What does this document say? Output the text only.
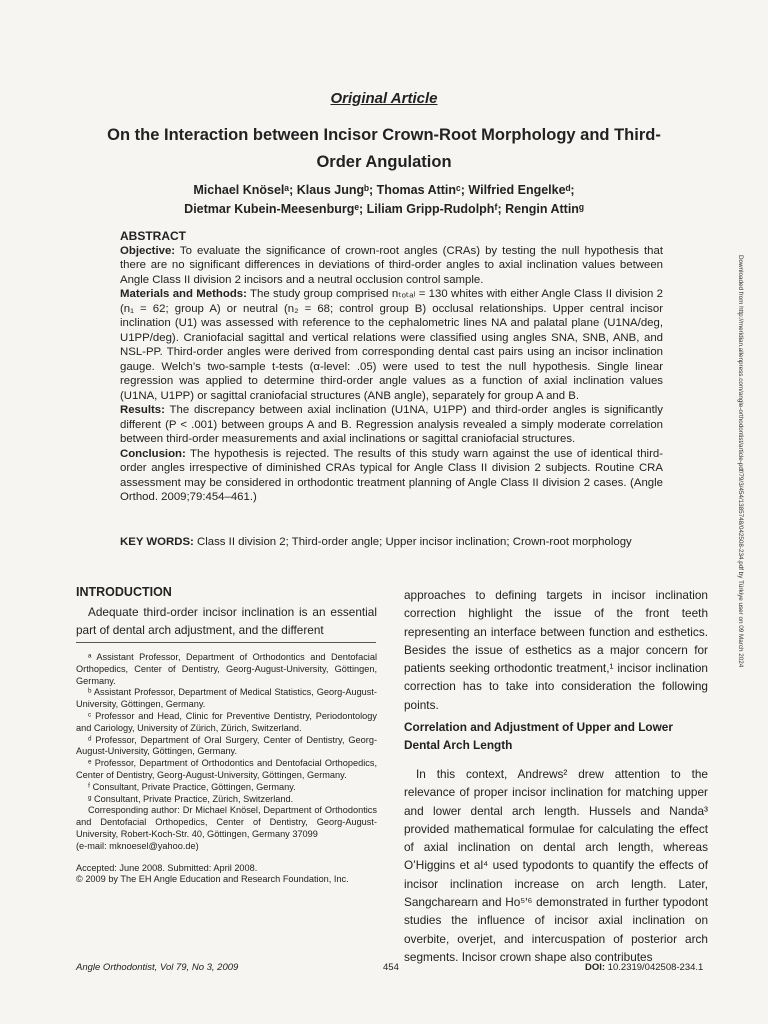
Original Article
On the Interaction between Incisor Crown-Root Morphology and Third-Order Angulation
Michael Knöselᵃ; Klaus Jungᵇ; Thomas Attinᶜ; Wilfried Engelkeᵈ;
Dietmar Kubein-Meesenburgᵉ; Liliam Gripp-Rudolphᶠ; Rengin Attinᵍ
ABSTRACT

Objective: To evaluate the significance of crown-root angles (CRAs) by testing the null hypothesis that there are no significant differences in deviations of third-order angles to axial inclination values between Angle Class II division 2 incisors and a neutral occlusion control sample.

Materials and Methods: The study group comprised nₜₒₜₐₗ = 130 whites with either Angle Class II division 2 (n₁ = 62; group A) or neutral (n₂ = 68; control group B) occlusal relationships. Upper central incisor inclination (U1) was assessed with reference to the cephalometric lines NA and palatal plane (U1NA/deg, U1PP/deg). Craniofacial sagittal and vertical relations were classified using angles SNA, SNB, ANB, and NSL-PP. Third-order angles were derived from corresponding dental cast pairs using an incisor inclination gauge. Welch’s two-sample t-tests (α-level: .05) were used to test the null hypothesis. Single linear regression was applied to determine third-order angle values as a function of axial inclination values (U1NA, U1PP) or sagittal craniofacial structures (ANB angle), separately for group A and B.

Results: The discrepancy between axial inclination (U1NA, U1PP) and third-order angles is significantly different (P < .001) between groups A and B. Regression analysis revealed a simply moderate correlation between third-order measurements and axial inclinations or sagittal craniofacial structures.

Conclusion: The hypothesis is rejected. The results of this study warn against the use of identical third-order angles irrespective of diminished CRAs typical for Angle Class II division 2 subjects. Routine CRA assessment may be considered in orthodontic treatment planning of Angle Class II division 2 cases. (Angle Orthod. 2009;79:454–461.)

KEY WORDS: Class II division 2; Third-order angle; Upper incisor inclination; Crown-root morphology
INTRODUCTION

Adequate third-order incisor inclination is an essential part of dental arch adjustment, and the different

ᵃ Assistant Professor, Department of Orthodontics and Dentofacial Orthopedics, Center of Dentistry, Georg-August-University, Göttingen, Germany.
ᵇ Assistant Professor, Department of Medical Statistics, Georg-August-University, Göttingen, Germany.
ᶜ Professor and Head, Clinic for Preventive Dentistry, Periodontology and Cariology, University of Zürich, Zürich, Switzerland.
ᵈ Professor, Department of Oral Surgery, Center of Dentistry, Georg-August-University, Göttingen, Germany.
ᵉ Professor, Department of Orthodontics and Dentofacial Orthopedics, Center of Dentistry, Georg-August-University, Göttingen, Germany.
ᶠ Consultant, Private Practice, Göttingen, Germany.
ᵍ Consultant, Private Practice, Zürich, Switzerland.
Corresponding author: Dr Michael Knösel, Department of Orthodontics and Dentofacial Orthopedics, Center of Dentistry, Georg-August-University, Robert-Koch-Str. 40, Göttingen, Germany 37099
(e-mail: mknoesel@yahoo.de)
Accepted: June 2008. Submitted: April 2008.
© 2009 by The EH Angle Education and Research Foundation, Inc.

approaches to defining targets in incisor inclination correction highlight the issue of the front teeth representing an interface between function and esthetics. Besides the issue of esthetics as a major concern for patients seeking orthodontic treatment,¹ incisor inclination correction has to take into consideration the following points.

Correlation and Adjustment of Upper and Lower Dental Arch Length

In this context, Andrews² drew attention to the relevance of proper incisor inclination for matching upper and lower dental arch length. Hussels and Nanda³ provided mathematical formulae for calculating the effect of axial inclination on dental arch length, whereas O’Higgins et al⁴ used typodonts to quantify the effects of incisor inclination increase on arch length. Later, Sangcharearn and Ho⁵ʹ⁶ demonstrated in further typodont studies the influence of incisor axial inclination on overbite, overjet, and intercuspation of posterior arch segments. Incisor crown shape also contributes

Angle Orthodontist, Vol 79, No 3, 2009	454	DOI: 10.2319/042508-234.1
Downloaded from http://meridian.allenpress.com/angle-orthodontist/article-pdf/79/3/454/1385748/042508-234.pdf by Türkiye user on 09 March 2024
